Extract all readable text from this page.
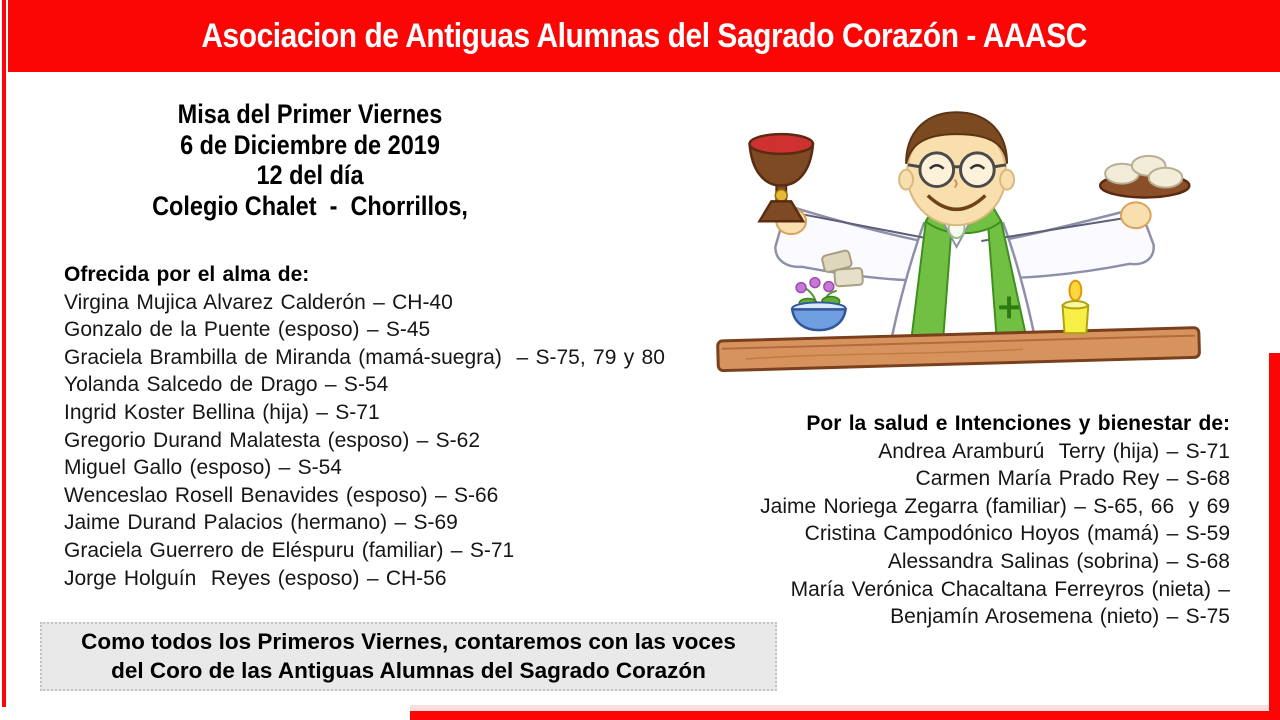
Asociacion de Antiguas Alumnas del Sagrado Corazón - AAASC
Misa del Primer Viernes
6 de Diciembre de 2019
12 del día
Colegio Chalet  -  Chorrillos,
Ofrecida por el alma de:
Virgina Mujica Alvarez Calderón – CH-40
Gonzalo de la Puente (esposo) – S-45
Graciela Brambilla de Miranda (mamá-suegra)  – S-75, 79 y 80
Yolanda Salcedo de Drago – S-54
Ingrid Koster Bellina (hija) – S-71
Gregorio Durand Malatesta (esposo) – S-62
Miguel Gallo (esposo) – S-54
Wenceslao Rosell Benavides (esposo) – S-66
Jaime Durand Palacios (hermano) – S-69
Graciela Guerrero de Eléspuru (familiar) – S-71
Jorge Holguín  Reyes (esposo) – CH-56
Por la salud e Intenciones y bienestar de:
Andrea Aramburú  Terry (hija) – S-71
Carmen María Prado Rey – S-68
Jaime Noriega Zegarra (familiar) – S-65, 66  y 69
Cristina Campodónico Hoyos (mamá) – S-59
Alessandra Salinas (sobrina) – S-68
María Verónica Chacaltana Ferreyros (nieta) –
Benjamín Arosemena (nieto) – S-75
Como todos los Primeros Viernes, contaremos con las voces
del Coro de las Antiguas Alumnas del Sagrado Corazón
